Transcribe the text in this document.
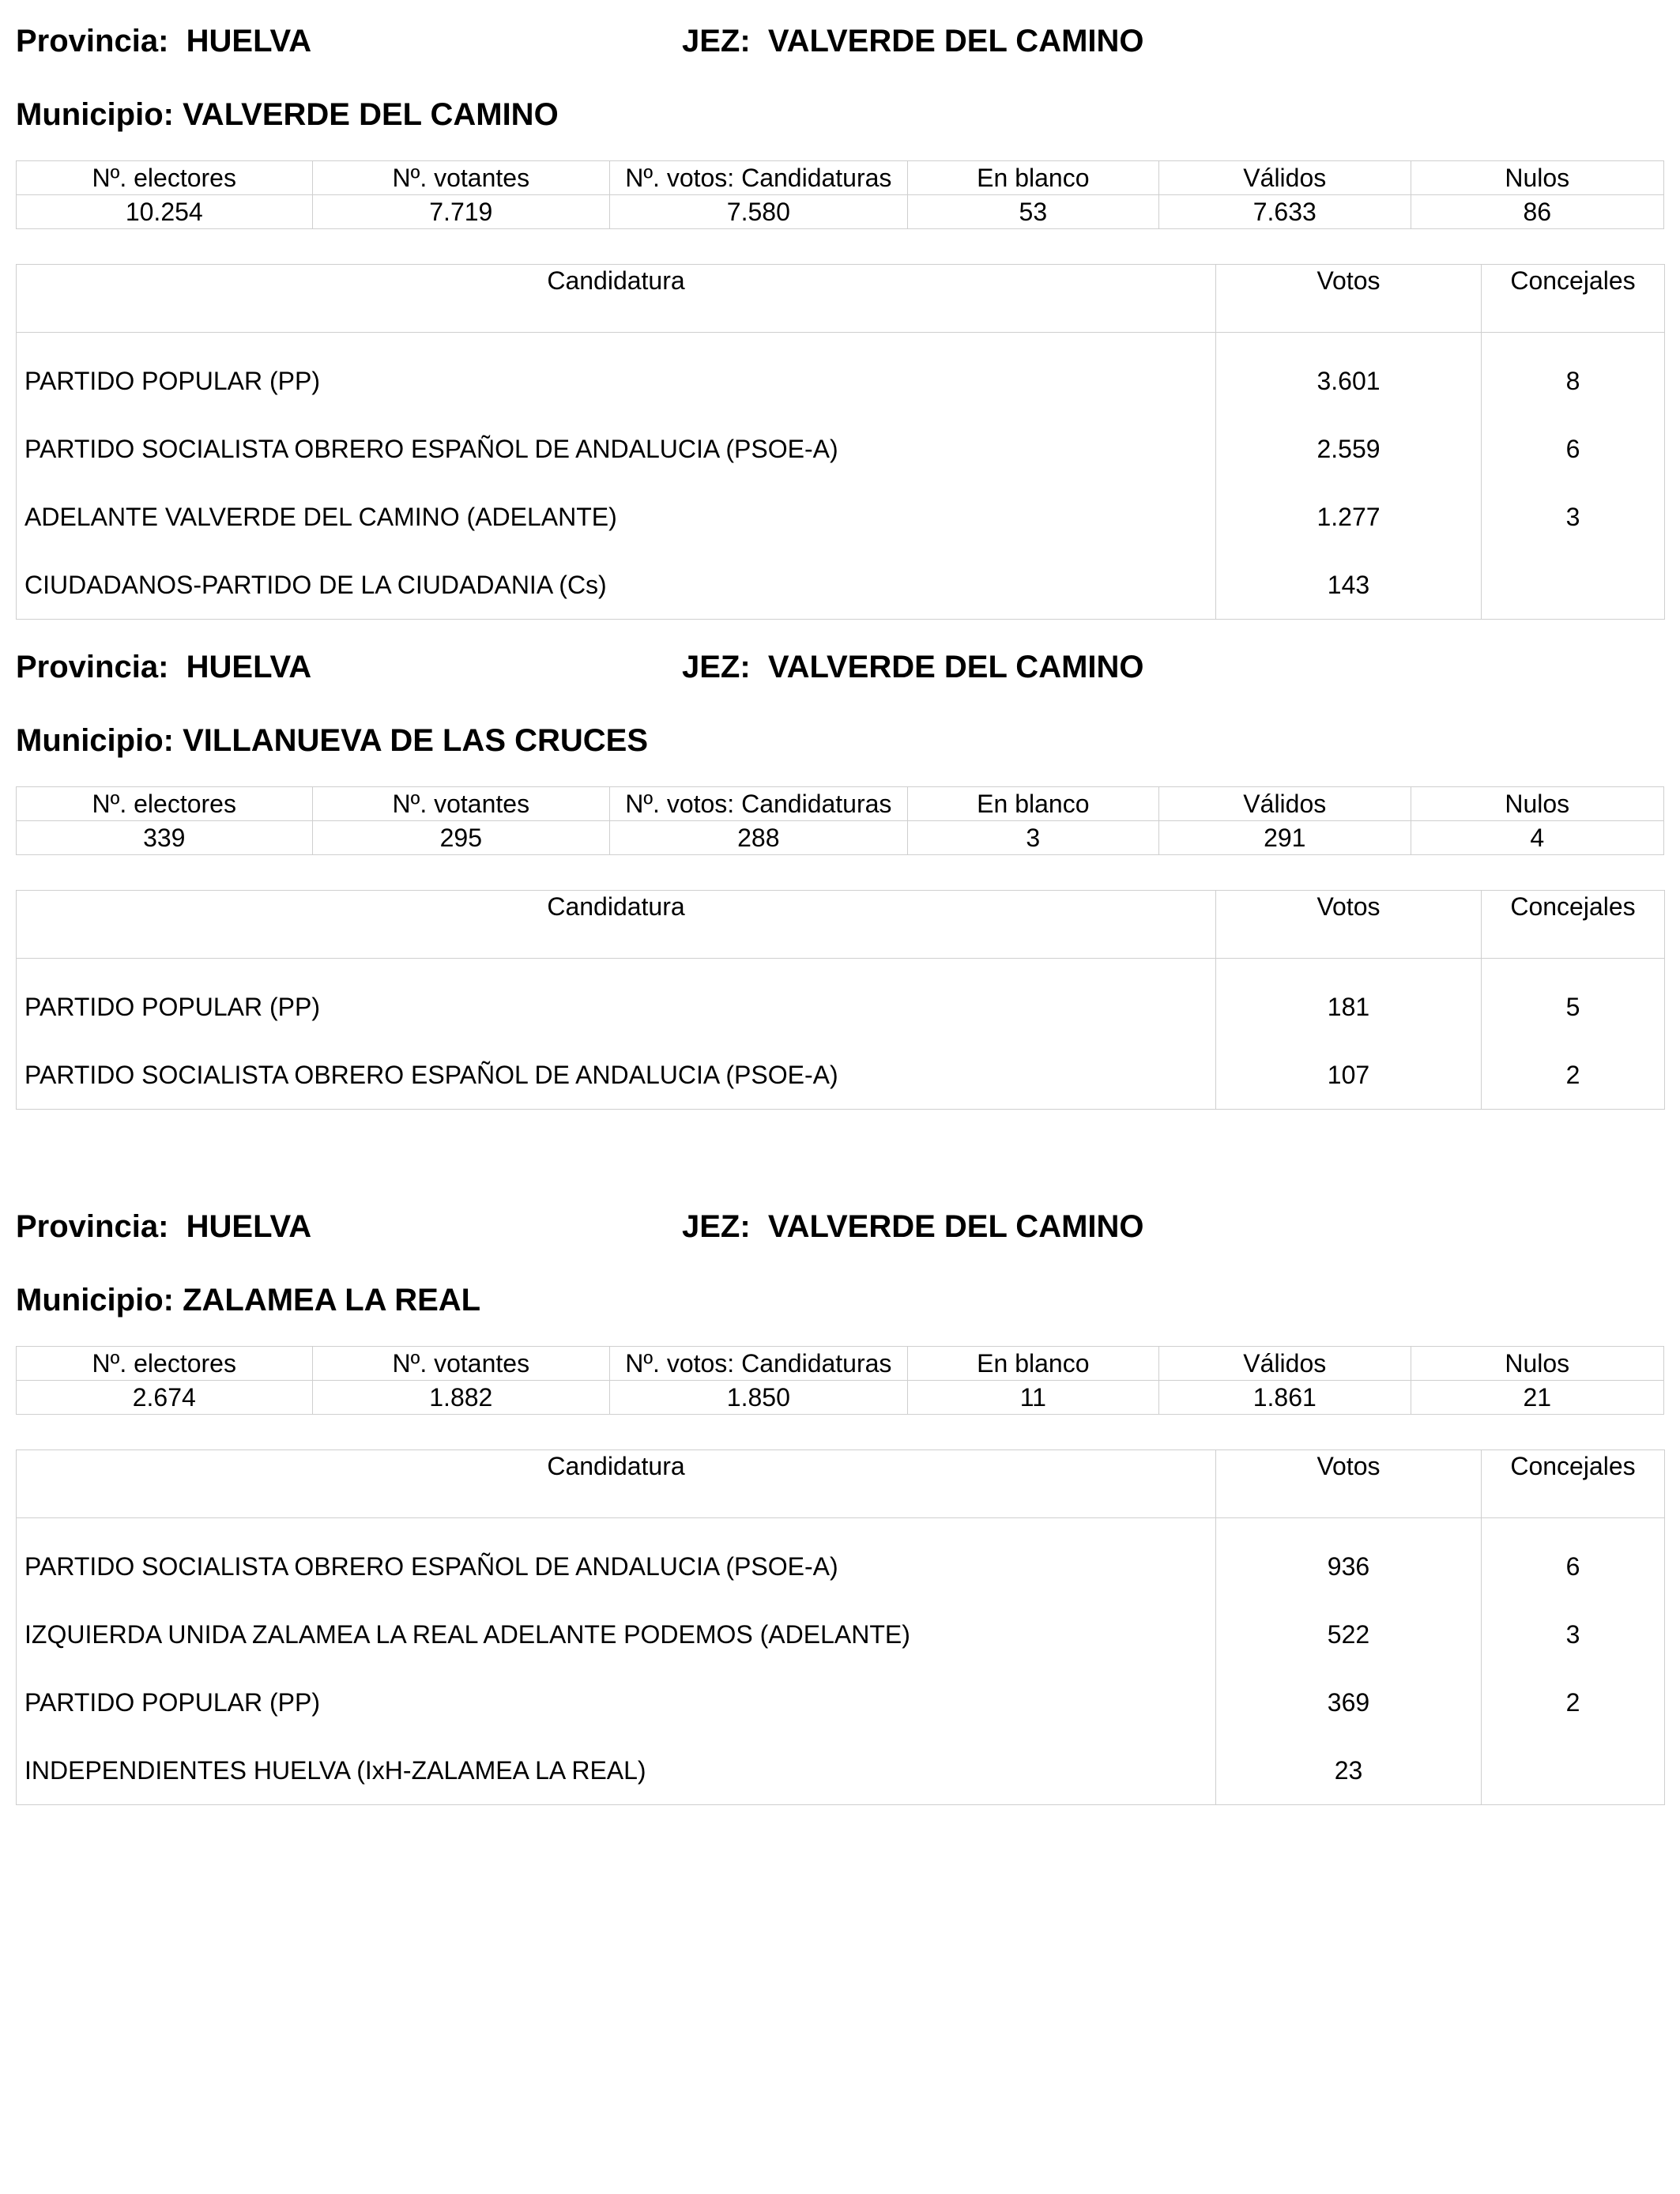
Provincia: HUELVA	JEZ: VALVERDE DEL CAMINO
Municipio: VALVERDE DEL CAMINO
Nº. electores	Nº. votantes	Nº. votos: Candidaturas	En blanco	Válidos	Nulos
10.254	7.719	7.580	53	7.633	86
Candidatura	Votos	Concejales
PARTIDO POPULAR (PP)	3.601	8
PARTIDO SOCIALISTA OBRERO ESPAÑOL DE ANDALUCIA (PSOE-A)	2.559	6
ADELANTE VALVERDE DEL CAMINO (ADELANTE)	1.277	3
CIUDADANOS-PARTIDO DE LA CIUDADANIA (Cs)	143	
Provincia: HUELVA	JEZ: VALVERDE DEL CAMINO
Municipio: VILLANUEVA DE LAS CRUCES
Nº. electores	Nº. votantes	Nº. votos: Candidaturas	En blanco	Válidos	Nulos
339	295	288	3	291	4
Candidatura	Votos	Concejales
PARTIDO POPULAR (PP)	181	5
PARTIDO SOCIALISTA OBRERO ESPAÑOL DE ANDALUCIA (PSOE-A)	107	2
Provincia: HUELVA	JEZ: VALVERDE DEL CAMINO
Municipio: ZALAMEA LA REAL
Nº. electores	Nº. votantes	Nº. votos: Candidaturas	En blanco	Válidos	Nulos
2.674	1.882	1.850	11	1.861	21
Candidatura	Votos	Concejales
PARTIDO SOCIALISTA OBRERO ESPAÑOL DE ANDALUCIA (PSOE-A)	936	6
IZQUIERDA UNIDA ZALAMEA LA REAL ADELANTE PODEMOS (ADELANTE)	522	3
PARTIDO POPULAR (PP)	369	2
INDEPENDIENTES HUELVA (IxH-ZALAMEA LA REAL)	23	
